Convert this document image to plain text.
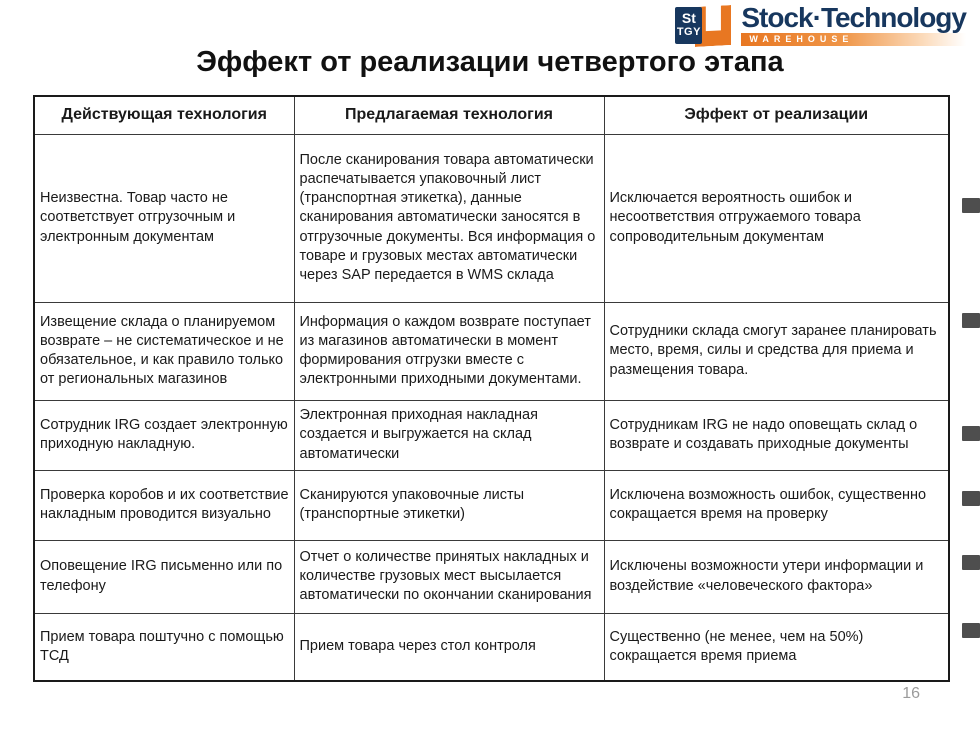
St
TGY Stock·Technology
WAREHOUSE
Эффект от реализации четвертого этапа
Действующая технология	Предлагаемая технология	Эффект от реализации
Неизвестна. Товар часто не соответствует отгрузочным и электронным документам	После сканирования товара автоматически распечатывается упаковочный лист (транспортная этикетка), данные сканирования автоматически заносятся в отгрузочные документы. Вся информация о товаре и грузовых местах автоматически через SAP передается в WMS склада	Исключается вероятность ошибок и несоответствия отгружаемого товара сопроводительным документам
Извещение склада о планируемом возврате – не систематическое и не обязательное, и как правило только от региональных магазинов	Информация о каждом возврате поступает из магазинов автоматически в момент формирования отгрузки вместе с электронными приходными документами.	Сотрудники склада смогут заранее планировать место, время, силы и средства для приема и размещения товара.
Сотрудник IRG создает электронную приходную накладную.	Электронная приходная накладная создается и выгружается на склад автоматически	Сотрудникам IRG не надо оповещать склад о возврате и создавать приходные документы
Проверка коробов и их соответствие накладным проводится визуально	Сканируются упаковочные листы (транспортные этикетки)	Исключена возможность ошибок, существенно сокращается время на проверку
Оповещение IRG письменно или по телефону	Отчет о количестве принятых накладных и количестве грузовых мест высылается автоматически по окончании сканирования	Исключены возможности утери информации и воздействие «человеческого фактора»
Прием товара поштучно с помощью ТСД	Прием товара через стол контроля	Существенно (не менее, чем на 50%) сокращается время приема
16
